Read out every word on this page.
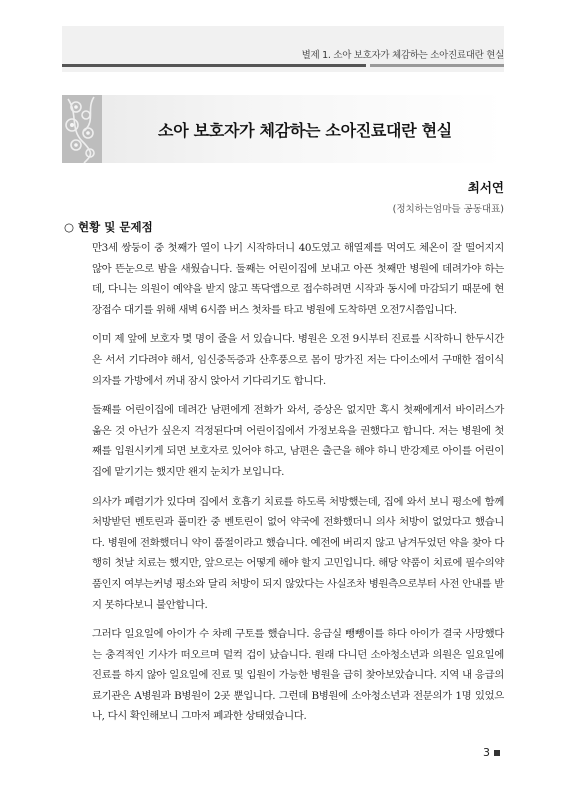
별제 1. 소아 보호자가 체감하는 소아진료대란 현실
소아 보호자가 체감하는 소아진료대란 현실
최서연
(정치하는엄마들 공동대표)
○ 현황 및 문제점

만3세 쌍둥이 중 첫째가 열이 나기 시작하더니 40도였고 해열제를 먹여도 체온이 잘 떨어지지 않아 뜬눈으로 밤을 새웠습니다. 둘째는 어린이집에 보내고 아픈 첫째만 병원에 데려가야 하는데, 다니는 의원이 예약을 받지 않고 똑닥앱으로 접수하려면 시작과 동시에 마감되기 때문에 현장접수 대기를 위해 새벽 6시쯤 버스 첫차를 타고 병원에 도착하면 오전7시쯤입니다.

이미 제 앞에 보호자 몇 명이 줄을 서 있습니다. 병원은 오전 9시부터 진료를 시작하니 한두시간은 서서 기다려야 해서, 임신중독증과 산후풍으로 몸이 망가진 저는 다이소에서 구매한 접이식의자를 가방에서 꺼내 잠시 앉아서 기다리기도 합니다.

둘째를 어린이집에 데려간 남편에게 전화가 와서, 증상은 없지만 혹시 첫째에게서 바이러스가 옮은 것 아닌가 싶은지 걱정된다며 어린이집에서 가정보육을 권했다고 합니다. 저는 병원에 첫째를 입원시키게 되면 보호자로 있어야 하고, 남편은 출근을 해야 하니 반강제로 아이를 어린이집에 맡기기는 했지만 왠지 눈치가 보입니다.

의사가 폐렴기가 있다며 집에서 호흡기 치료를 하도록 처방했는데, 집에 와서 보니 평소에 함께 처방받던 벤토린과 풀미칸 중 벤토린이 없어 약국에 전화했더니 의사 처방이 없었다고 했습니다. 병원에 전화했더니 약이 품절이라고 했습니다. 예전에 버리지 않고 남겨두었던 약을 찾아 다행히 첫날 치료는 했지만, 앞으로는 어떻게 해야 할지 고민입니다. 해당 약품이 치료에 필수의약품인지 여부는커녕 평소와 달리 처방이 되지 않았다는 사실조차 병원측으로부터 사전 안내를 받지 못하다보니 불안합니다.

그러다 일요일에 아이가 수 차례 구토를 했습니다. 응급실 뺑뺑이를 하다 아이가 결국 사망했다는 충격적인 기사가 떠오르며 덜컥 겁이 났습니다. 원래 다니던 소아청소년과 의원은 일요일에 진료를 하지 않아 일요일에 진료 및 입원이 가능한 병원을 급히 찾아보았습니다. 지역 내 응급의료기관은 A병원과 B병원이 2곳 뿐입니다. 그런데 B병원에 소아청소년과 전문의가 1명 있었으나, 다시 확인해보니 그마저 폐과한 상태였습니다.

3
